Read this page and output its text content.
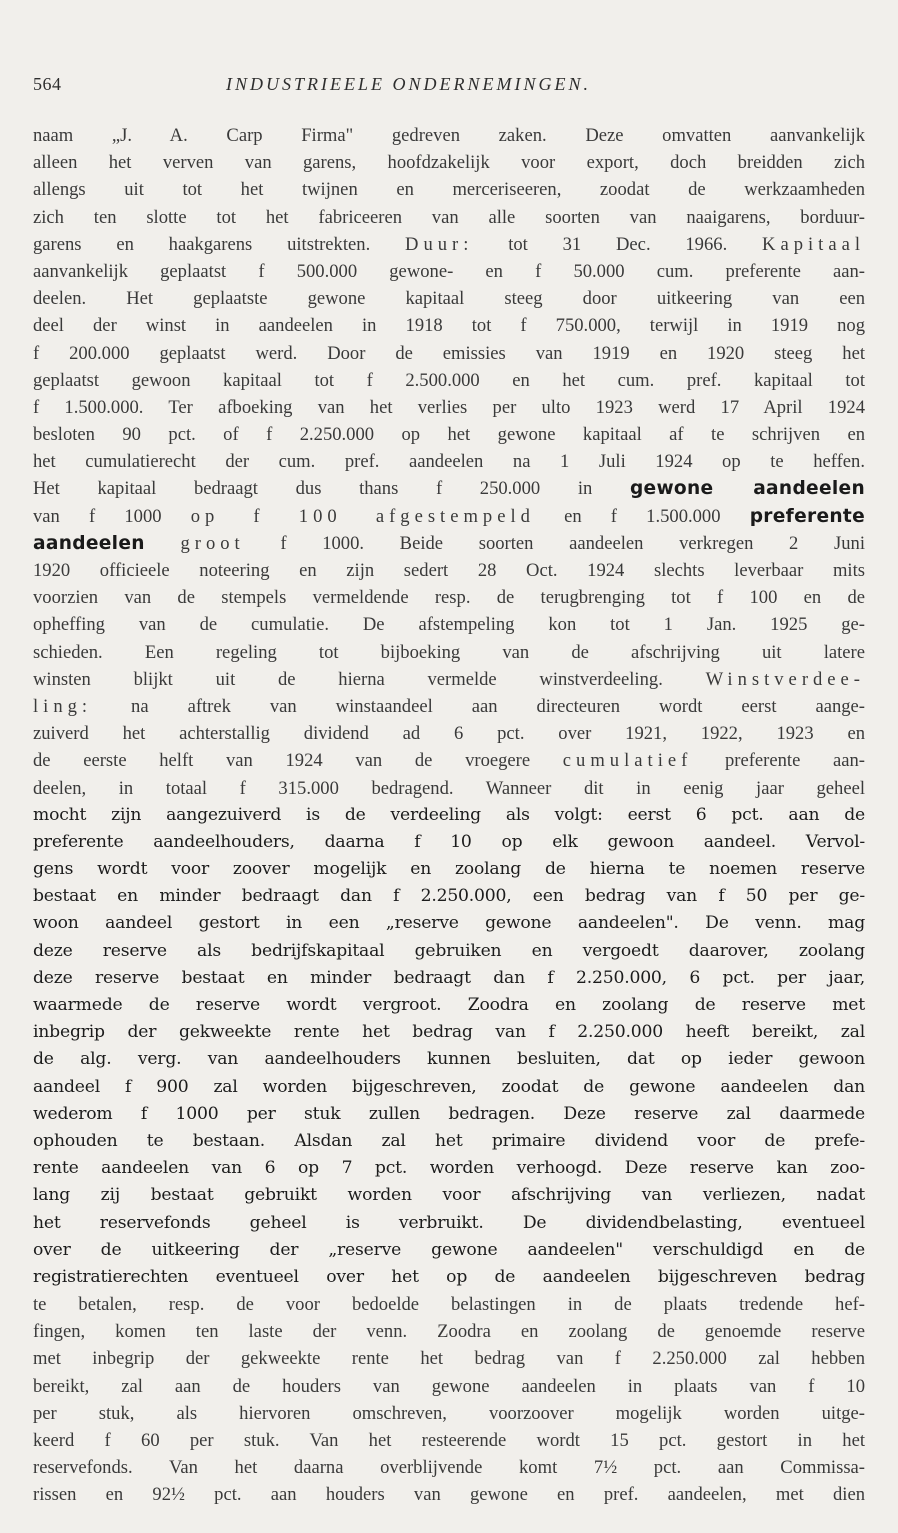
564	INDUSTRIEELE ONDERNEMINGEN.
naam „J. A. Carp Firma" gedreven zaken. Deze omvatten aanvankelijk
alleen het verven van garens, hoofdzakelijk voor export, doch breidden zich
allengs uit tot het twijnen en merceriseeren, zoodat de werkzaamheden
zich ten slotte tot het fabriceeren van alle soorten van naaigarens, borduur-
garens en haakgarens uitstrekten. Duur: tot 31 Dec. 1966. Kapitaal
aanvankelijk geplaatst f 500.000 gewone- en f 50.000 cum. preferente aan-
deelen. Het geplaatste gewone kapitaal steeg door uitkeering van een
deel der winst in aandeelen in 1918 tot f 750.000, terwijl in 1919 nog
f 200.000 geplaatst werd. Door de emissies van 1919 en 1920 steeg het
geplaatst gewoon kapitaal tot f 2.500.000 en het cum. pref. kapitaal tot
f 1.500.000. Ter afboeking van het verlies per ulto 1923 werd 17 April 1924
besloten 90 pct. of f 2.250.000 op het gewone kapitaal af te schrijven en
het cumulatierecht der cum. pref. aandeelen na 1 Juli 1924 op te heffen.
Het kapitaal bedraagt dus thans f 250.000 in gewone aandeelen
van f 1000 op f 100 afgestempeld en f 1.500.000 preferente
aandeelen groot f 1000. Beide soorten aandeelen verkregen 2 Juni
1920 officieele noteering en zijn sedert 28 Oct. 1924 slechts leverbaar mits
voorzien van de stempels vermeldende resp. de terugbrenging tot f 100 en de
opheffing van de cumulatie. De afstempeling kon tot 1 Jan. 1925 ge-
schieden. Een regeling tot bijboeking van de afschrijving uit latere
winsten blijkt uit de hierna vermelde winstverdeeling. Winstverdee-
ling: na aftrek van winstaandeel aan directeuren wordt eerst aange-
zuiverd het achterstallig dividend ad 6 pct. over 1921, 1922, 1923 en
de eerste helft van 1924 van de vroegere cumulatief preferente aan-
deelen, in totaal f 315.000 bedragend. Wanneer dit in eenig jaar geheel
mocht zijn aangezuiverd is de verdeeling als volgt: eerst 6 pct. aan de
preferente aandeelhouders, daarna f 10 op elk gewoon aandeel. Vervol-
gens wordt voor zoover mogelijk en zoolang de hierna te noemen reserve
bestaat en minder bedraagt dan f 2.250.000, een bedrag van f 50 per ge-
woon aandeel gestort in een „reserve gewone aandeelen". De venn. mag
deze reserve als bedrijfskapitaal gebruiken en vergoedt daarover, zoolang
deze reserve bestaat en minder bedraagt dan f 2.250.000, 6 pct. per jaar,
waarmede de reserve wordt vergroot. Zoodra en zoolang de reserve met
inbegrip der gekweekte rente het bedrag van f 2.250.000 heeft bereikt, zal
de alg. verg. van aandeelhouders kunnen besluiten, dat op ieder gewoon
aandeel f 900 zal worden bijgeschreven, zoodat de gewone aandeelen dan
wederom f 1000 per stuk zullen bedragen. Deze reserve zal daarmede
ophouden te bestaan. Alsdan zal het primaire dividend voor de prefe-
rente aandeelen van 6 op 7 pct. worden verhoogd. Deze reserve kan zoo-
lang zij bestaat gebruikt worden voor afschrijving van verliezen, nadat
het reservefonds geheel is verbruikt. De dividendbelasting, eventueel
over de uitkeering der „reserve gewone aandeelen" verschuldigd en de
registratierechten eventueel over het op de aandeelen bijgeschreven bedrag
te betalen, resp. de voor bedoelde belastingen in de plaats tredende hef-
fingen, komen ten laste der venn. Zoodra en zoolang de genoemde reserve
met inbegrip der gekweekte rente het bedrag van f 2.250.000 zal hebben
bereikt, zal aan de houders van gewone aandeelen in plaats van f 10
per stuk, als hiervoren omschreven, voorzoover mogelijk worden uitge-
keerd f 60 per stuk. Van het resteerende wordt 15 pct. gestort in het
reservefonds. Van het daarna overblijvende komt 7½ pct. aan Commissa-
rissen en 92½ pct. aan houders van gewone en pref. aandeelen, met dien
